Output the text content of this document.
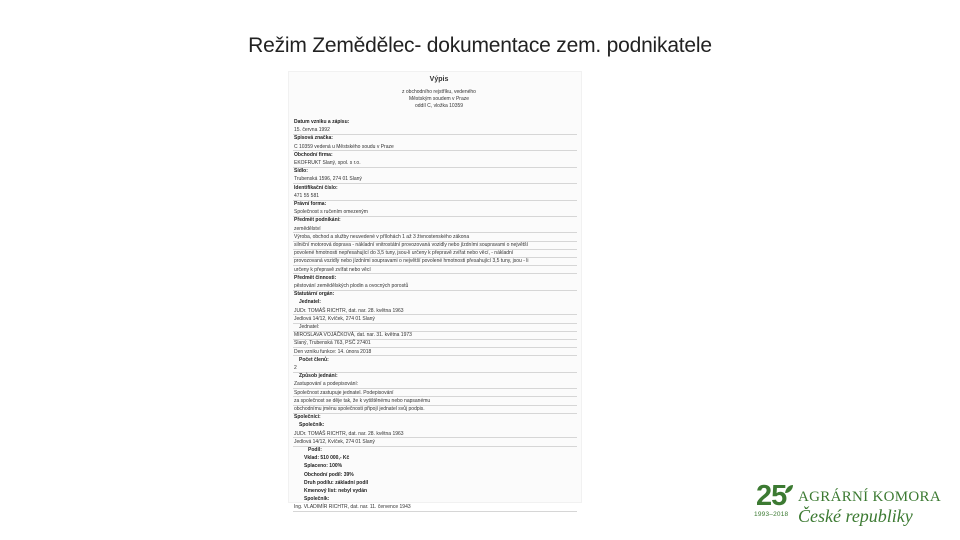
Režim Zemědělec- dokumentace zem. podnikatele
Výpis
z obchodního rejstříku, vedeného
Městským soudem v Praze
oddíl C, vložka 10359
Datum vzniku a zápisu:
15. června 1992
Spisová značka:
C 10359 vedená u Městského soudu v Praze
Obchodní firma:
EKOFRUKT Slaný, spol. s r.o.
Sídlo:
Trubenská 1596, 274 01 Slaný
Identifikační číslo:
471 55 581
Právní forma:
Společnost s ručením omezeným
Předmět podnikání:
zemědělství
Výroba, obchod a služby neuvedené v přílohách 1 až 3 živnostenského zákona
silniční motorová doprava - nákladní vnitrostátní provozovaná vozidly nebo jízdními soupravami o největší
povolené hmotnosti nepřesahující do 3,5 tuny, jsou-li určeny k přepravě zvířat nebo věcí, - nákladní
provozovaná vozidly nebo jízdními soupravami o největší povolené hmotnosti přesahující 3,5 tuny, jsou - li
určeny k přepravě zvířat nebo věcí
Předmět činnosti:
pěstování zemědělských plodin a ovocných porostů
Statutární orgán:
Jednatel:
JUDr. TOMÁŠ RICHTR, dat. nar. 28. května 1963
Jedlová 14/12, Kvíček, 274 01 Slaný
Jednatel:
MIROSLAVA VOJÁČKOVÁ, dat. nar. 31. května 1973
Slaný, Trubenská 763, PSČ 27401
Den vzniku funkce: 14. února 2018
Počet členů:
2
Způsob jednání:
Zastupování a podepisování:
Společnost zastupuje jednatel. Podepisování
za společnost se děje tak, že k vytištěnému nebo napsanému
obchodnímu jménu společnosti připojí jednatel svůj podpis.
Společníci:
Společník:
JUDr. TOMÁŠ RICHTR, dat. nar. 28. května 1963
Jedlová 14/12, Kvíček, 274 01 Slaný
Podíl:
Vklad: 510 000,- Kč
Splaceno: 100%
Obchodní podíl: 39%
Druh podílu: základní podíl
Kmenový list: nebyl vydán
Společník:
Ing. VLADIMÍR RICHTR, dat. nar. 11. července 1943	25
1993–2018
AGRÁRNÍ KOMORA
České republiky
